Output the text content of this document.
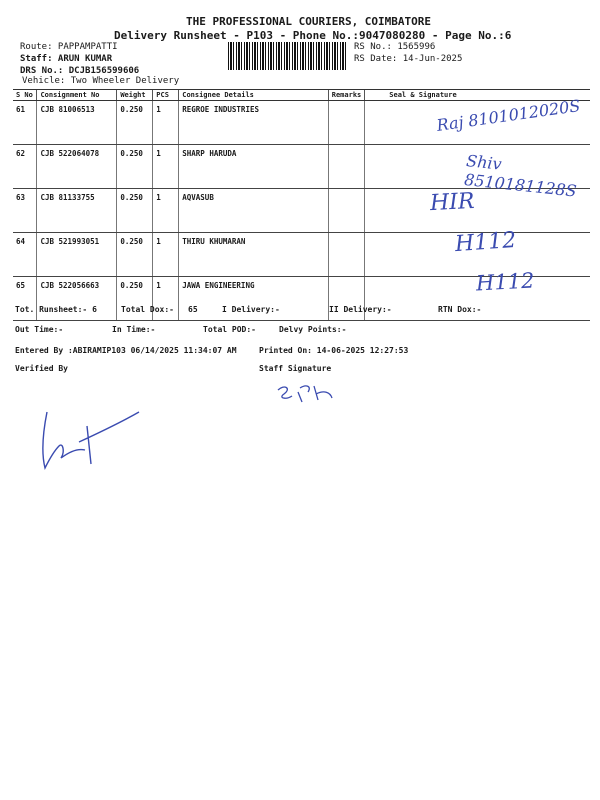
THE PROFESSIONAL COURIERS, COIMBATORE
Delivery Runsheet - P103 - Phone No.:9047080280 - Page No.:6
Route: PAPPAMPATTI
Staff: ARUN KUMAR
DRS No.: DCJB156599606
Vehicle: Two Wheeler Delivery
RS No.: 1565996
RS Date: 14-Jun-2025
S No	Consignment No	Weight	PCS	Consignee Details	Remarks	Seal & Signature
61	CJB 81006513	0.250	1	REGROE INDUSTRIES		
62	CJB 522064078	0.250	1	SHARP HARUDA		
63	CJB 81133755	0.250	1	AQVASUB		
64	CJB 521993051	0.250	1	THIRU KHUMARAN		
65	CJB 522056663	0.250	1	JAWA ENGINEERING		
Raj 8101012020S
Shiv 8510181128S
HIR
H112
H112
Tot. Runsheet:- 6	Total Dox:- 65	I Delivery:-	II Delivery:-	RTN Dox:-
Out Time:-	In Time:-	Total POD:-	Delvy Points:-
Entered By :ABIRAMIP103 06/14/2025 11:34:07 AM	Printed On: 14-06-2025 12:27:53
Verified By	Staff Signature
